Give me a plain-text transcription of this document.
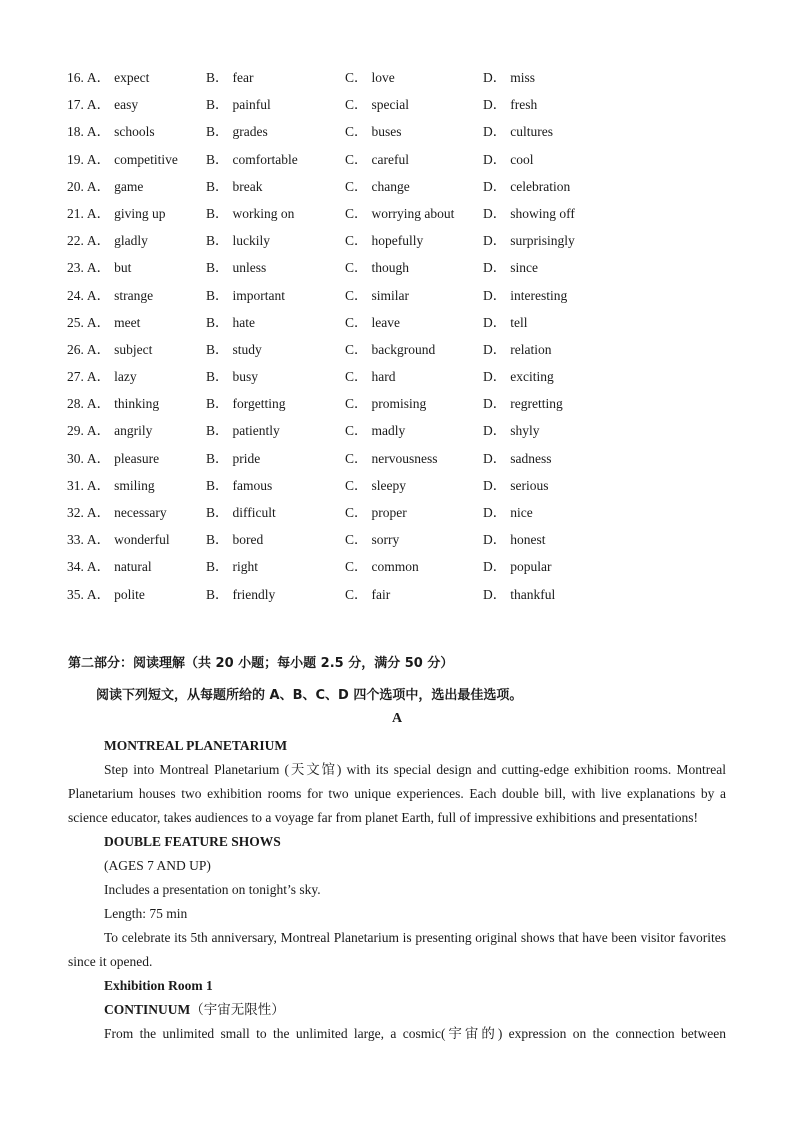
16. A． expect	B． fear	C． love	D． miss
17. A． easy	B． painful	C． special	D． fresh
18. A． schools	B． grades	C． buses	D． cultures
19. A． competitive B． comfortable	C． careful	D． cool
20. A． game	B． break	C． change	D． celebration
21. A． giving up	B． working on	C． worrying about D． showing off
22. A． gladly	B． luckily	C． hopefully	D． surprisingly
23. A． but	B． unless	C． though	D． since
24. A． strange	B． important	C． similar	D． interesting
25. A． meet	B． hate	C． leave	D． tell
26. A． subject	B． study	C． background	D． relation
27. A． lazy	B． busy	C． hard	D． exciting
28. A． thinking	B． forgetting	C． promising	D． regretting
29. A． angrily	B． patiently	C． madly	D． shyly
30. A． pleasure	B． pride	C． nervousness	D． sadness
31. A． smiling	B． famous	C． sleepy	D． serious
32. A． necessary	B． difficult	C． proper	D． nice
33. A． wonderful	B． bored	C． sorry	D． honest
34. A． natural	B． right	C． common	D． popular
35. A． polite	B． friendly	C． fair	D． thankful
第二部分：阅读理解（共 20 小题；每小题 2.5 分，满分 50 分）
阅读下列短文，从每题所给的 A、B、C、D 四个选项中，选出最佳选项。
A
MONTREAL PLANETARIUM

Step into Montreal Planetarium (天文馆) with its special design and cutting-edge exhibition rooms. Montreal Planetarium houses two exhibition rooms for two unique experiences. Each double bill, with live explanations by a science educator, takes audiences to a voyage far from planet Earth, full of impressive exhibitions and presentations!

DOUBLE FEATURE SHOWS
(AGES 7 AND UP)
Includes a presentation on tonight’s sky.
Length: 75 min

To celebrate its 5th anniversary, Montreal Planetarium is presenting original shows that have been visitor favorites since it opened.

Exhibition Room 1
CONTINUUM（宇宙无限性）
From the unlimited small to the unlimited large, a cosmic(宇宙的) expression on the connection between
